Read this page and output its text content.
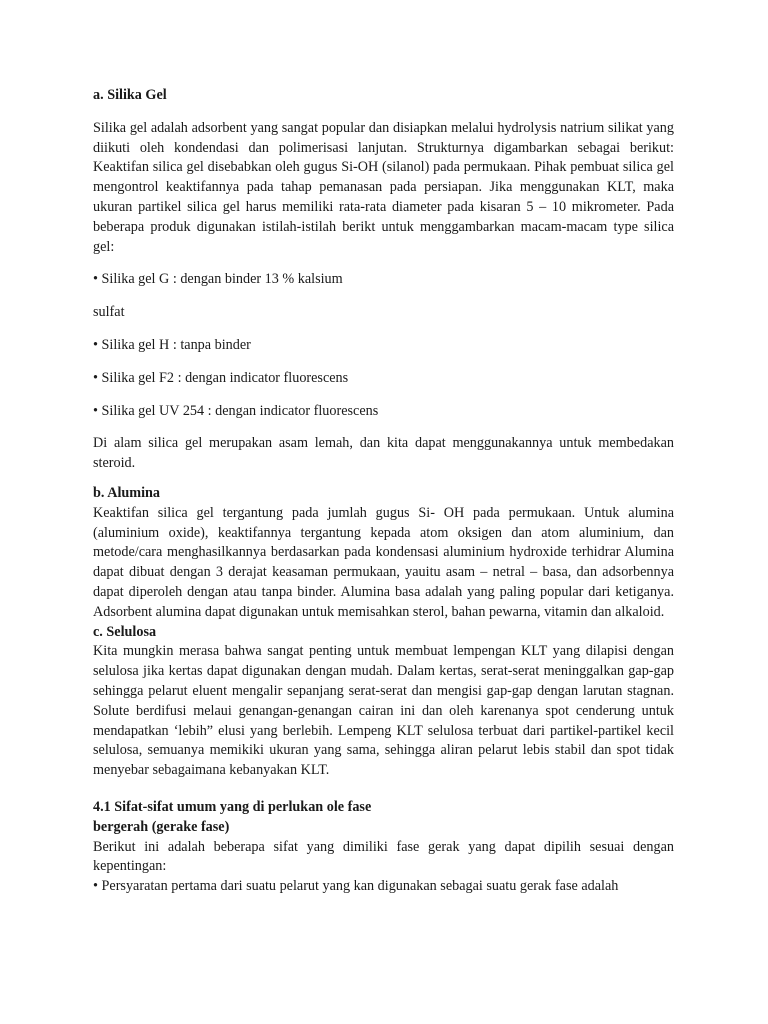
a. Silika Gel

Silika gel adalah adsorbent yang sangat popular dan disiapkan melalui hydrolysis natrium silikat yang diikuti oleh kondendasi dan polimerisasi lanjutan. Strukturnya digambarkan sebagai berikut: Keaktifan silica gel disebabkan oleh gugus Si-OH (silanol) pada permukaan. Pihak pembuat silica gel mengontrol keaktifannya pada tahap pemanasan pada persiapan. Jika menggunakan KLT, maka ukuran partikel silica gel harus memiliki rata-rata diameter pada kisaran 5 – 10 mikrometer. Pada beberapa produk digunakan istilah-istilah berikt untuk menggambarkan macam-macam type silica gel:

• Silika gel G : dengan binder 13 % kalsium

sulfat

• Silika gel H : tanpa binder

• Silika gel F2 : dengan indicator fluorescens

• Silika gel UV 254 : dengan indicator fluorescens

Di alam silica gel merupakan asam lemah, dan kita dapat menggunakannya untuk membedakan steroid.

b. Alumina

Keaktifan silica gel tergantung pada jumlah gugus Si- OH pada permukaan. Untuk alumina (aluminium oxide), keaktifannya tergantung kepada atom oksigen dan atom aluminium, dan metode/cara menghasilkannya berdasarkan pada kondensasi aluminium hydroxide terhidrar Alumina dapat dibuat dengan 3 derajat keasaman permukaan, yauitu asam – netral – basa, dan adsorbennya dapat diperoleh dengan atau tanpa binder. Alumina basa adalah yang paling popular dari ketiganya. Adsorbent alumina dapat digunakan untuk memisahkan sterol, bahan pewarna, vitamin dan alkaloid.

c. Selulosa

Kita mungkin merasa bahwa sangat penting untuk membuat lempengan KLT yang dilapisi dengan selulosa jika kertas dapat digunakan dengan mudah. Dalam kertas, serat-serat meninggalkan gap-gap sehingga pelarut eluent mengalir sepanjang serat-serat dan mengisi gap-gap dengan larutan stagnan. Solute berdifusi melaui genangan-genangan cairan ini dan oleh karenanya spot cenderung untuk mendapatkan ‘lebih” elusi yang berlebih. Lempeng KLT selulosa terbuat dari partikel-partikel kecil selulosa, semuanya memikiki ukuran yang sama, sehingga aliran pelarut lebis stabil dan spot tidak menyebar sebagaimana kebanyakan KLT.

4.1 Sifat-sifat umum yang di perlukan ole fase

bergerah (gerake fase)

Berikut ini adalah beberapa sifat yang dimiliki fase gerak yang dapat dipilih sesuai dengan kepentingan:

• Persyaratan pertama dari suatu pelarut yang kan digunakan sebagai suatu gerak fase adalah
